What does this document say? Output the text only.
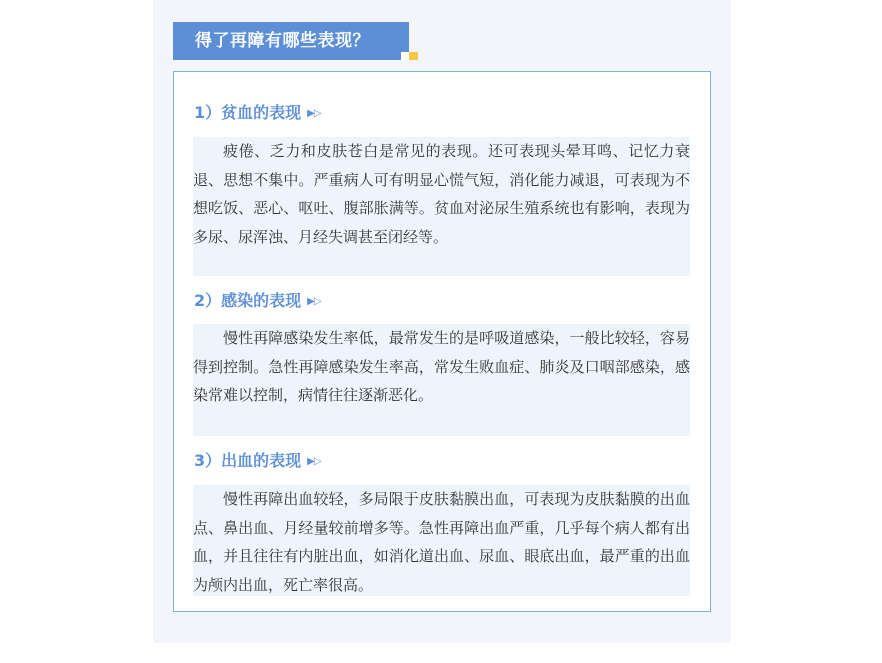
得了再障有哪些表现？
1）贫血的表现 ▶▷
疲倦、乏力和皮肤苍白是常见的表现。还可表现头晕耳鸣、记忆力衰退、思想不集中。严重病人可有明显心慌气短，消化能力减退，可表现为不想吃饭、恶心、呕吐、腹部胀满等。贫血对泌尿生殖系统也有影响，表现为多尿、尿浑浊、月经失调甚至闭经等。
2）感染的表现 ▶▷
慢性再障感染发生率低，最常发生的是呼吸道感染，一般比较轻，容易得到控制。急性再障感染发生率高，常发生败血症、肺炎及口咽部感染，感染常难以控制，病情往往逐渐恶化。
3）出血的表现 ▶▷
慢性再障出血较轻，多局限于皮肤黏膜出血，可表现为皮肤黏膜的出血点、鼻出血、月经量较前增多等。急性再障出血严重，几乎每个病人都有出血，并且往往有内脏出血，如消化道出血、尿血、眼底出血，最严重的出血为颅内出血，死亡率很高。
